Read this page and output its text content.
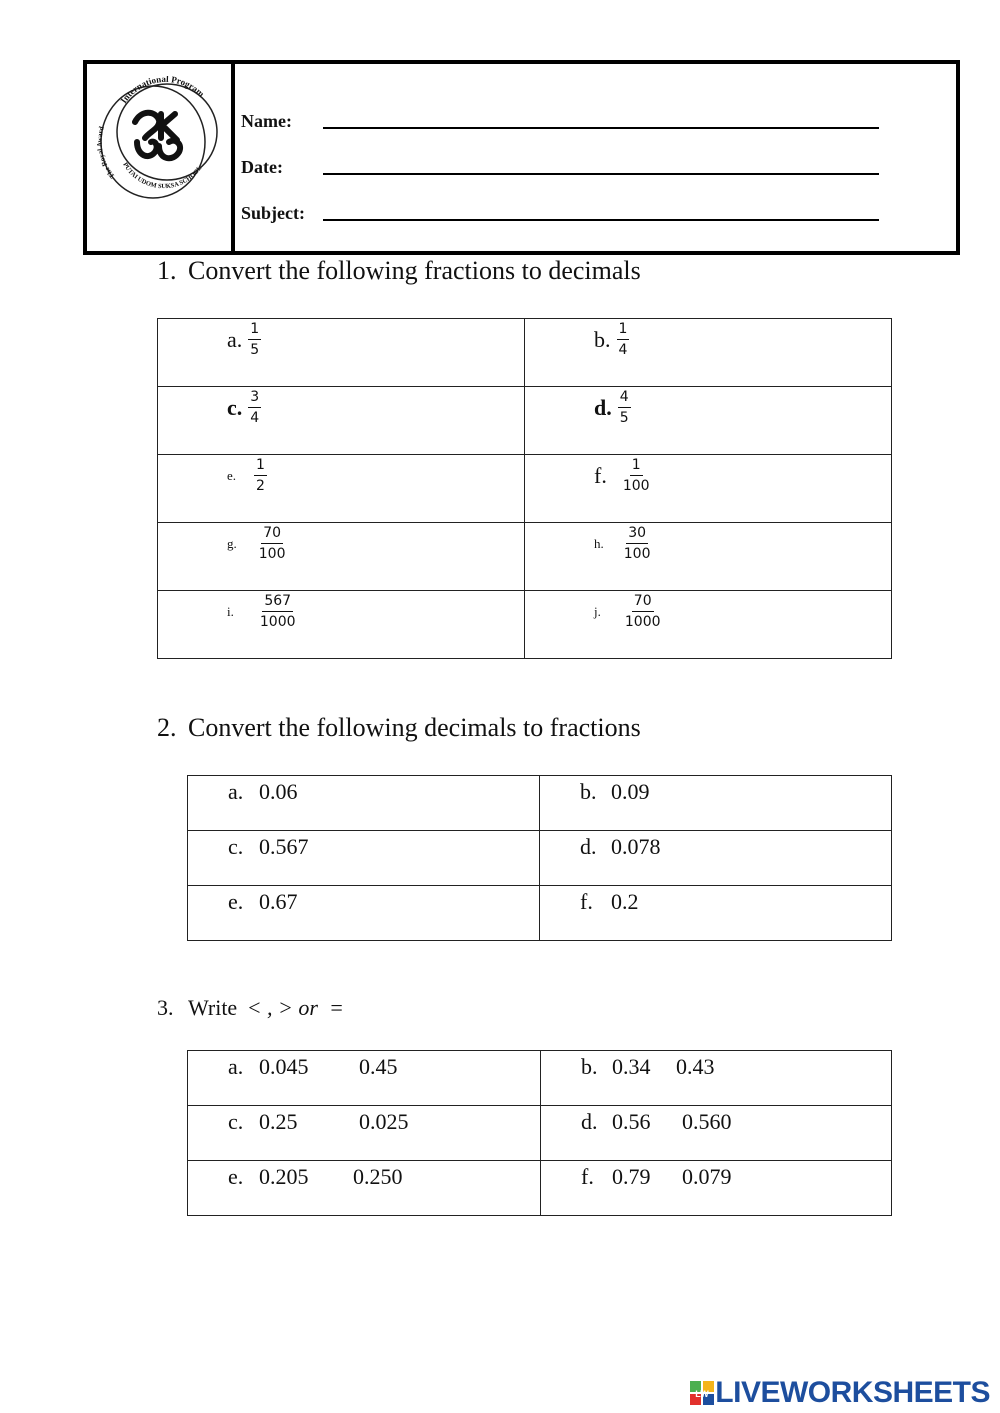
International Program
The Royal Award
PUTAI UDOM SUKSA SCHOOL
Name:
Date:
Subject:
1. Convert the following fractions to decimals
a. $\frac{1}{5}$	b. $\frac{1}{4}$

c. $\frac{3}{4}$	d. $\frac{4}{5}$

e. $\frac{1}{2}$	f. $\frac{1}{100}$

g. $\frac{70}{100}$	h. $\frac{30}{100}$

i. $\frac{567}{1000}$	j. $\frac{70}{1000}$
2. Convert the following decimals to fractions
a. 0.06	b. 0.09

c. 0.567	d. 0.078

e. 0.67	f. 0.2
3. Write < , > or  =
a. 0.045 0.45	b. 0.34 0.43

c. 0.25 0.025	d. 0.56 0.560

e. 0.205 0.250	f. 0.79 0.079
LW LIVEWORKSHEETS
